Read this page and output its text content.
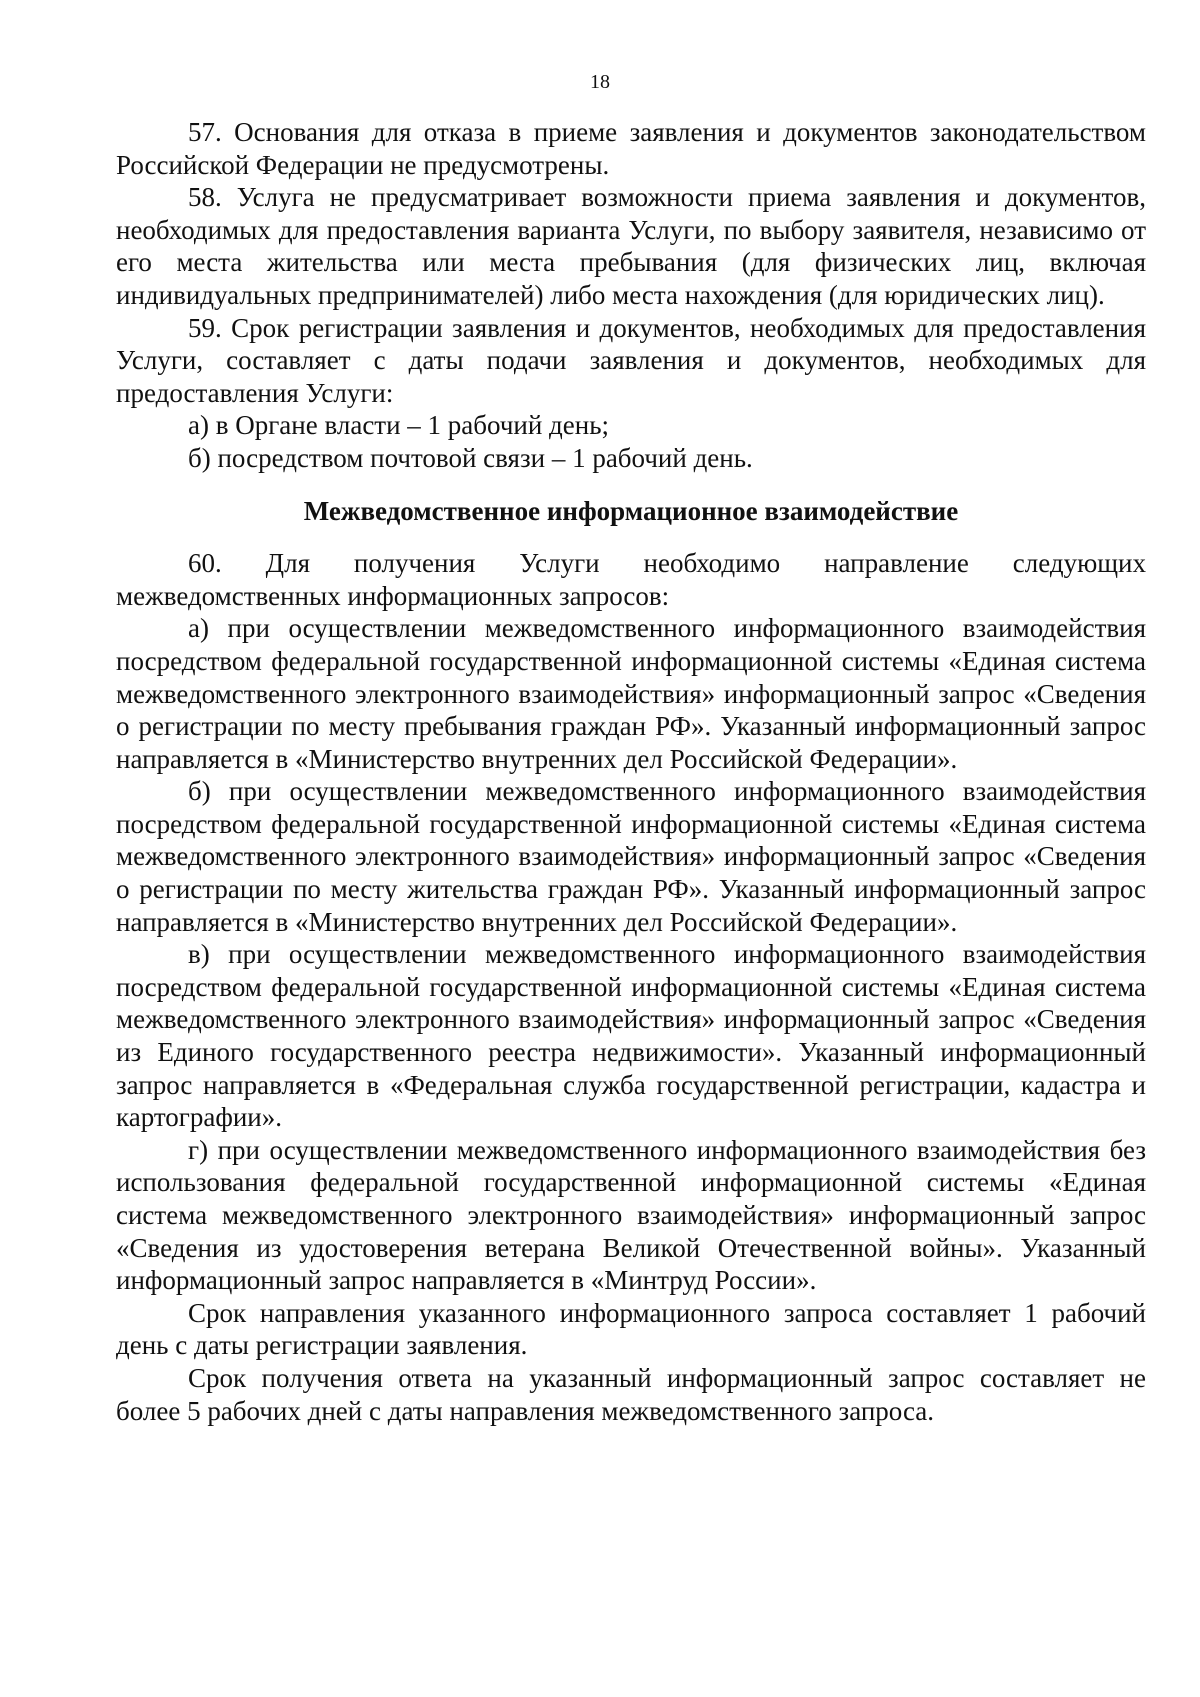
18

57. Основания для отказа в приеме заявления и документов законодательством Российской Федерации не предусмотрены.

58. Услуга не предусматривает возможности приема заявления и документов, необходимых для предоставления варианта Услуги, по выбору заявителя, независимо от его места жительства или места пребывания (для физических лиц, включая индивидуальных предпринимателей) либо места нахождения (для юридических лиц).

59. Срок регистрации заявления и документов, необходимых для предоставления Услуги, составляет с даты подачи заявления и документов, необходимых для предоставления Услуги:

а) в Органе власти – 1 рабочий день;

б) посредством почтовой связи – 1 рабочий день.

Межведомственное информационное взаимодействие

60. Для получения Услуги необходимо направление следующих межведомственных информационных запросов:

а) при осуществлении межведомственного информационного взаимодействия посредством федеральной государственной информационной системы «Единая система межведомственного электронного взаимодействия» информационный запрос «Сведения о регистрации по месту пребывания граждан РФ». Указанный информационный запрос направляется в «Министерство внутренних дел Российской Федерации».

б) при осуществлении межведомственного информационного взаимодействия посредством федеральной государственной информационной системы «Единая система межведомственного электронного взаимодействия» информационный запрос «Сведения о регистрации по месту жительства граждан РФ». Указанный информационный запрос направляется в «Министерство внутренних дел Российской Федерации».

в) при осуществлении межведомственного информационного взаимодействия посредством федеральной государственной информационной системы «Единая система межведомственного электронного взаимодействия» информационный запрос «Сведения из Единого государственного реестра недвижимости». Указанный информационный запрос направляется в «Федеральная служба государственной регистрации, кадастра и картографии».

г) при осуществлении межведомственного информационного взаимодействия без использования федеральной государственной информационной системы «Единая система межведомственного электронного взаимодействия» информационный запрос «Сведения из удостоверения ветерана Великой Отечественной войны». Указанный информационный запрос направляется в «Минтруд России».

Срок направления указанного информационного запроса составляет 1 рабочий день с даты регистрации заявления.

Срок получения ответа на указанный информационный запрос составляет не более 5 рабочих дней с даты направления межведомственного запроса.
